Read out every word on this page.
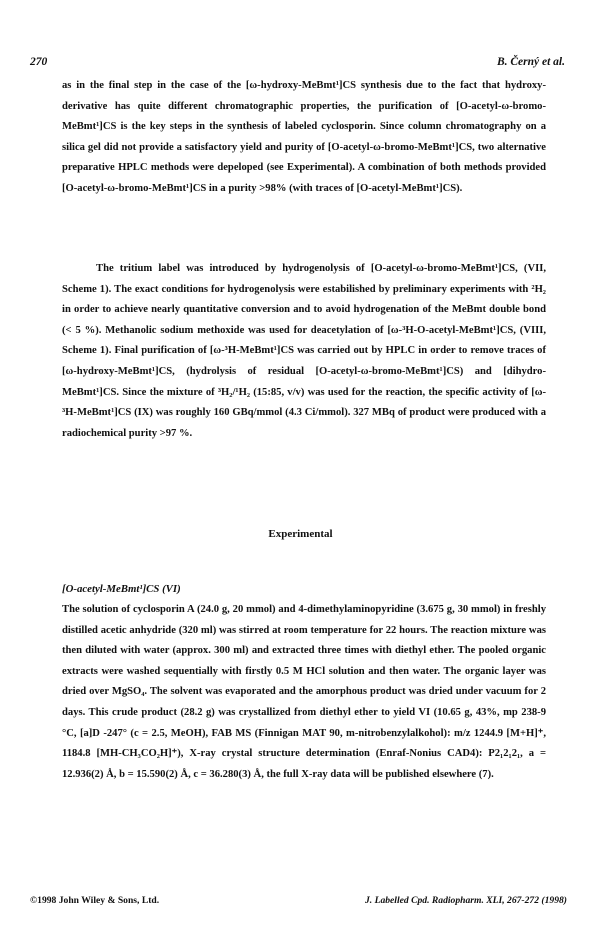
270	B. Černý et al.

as in the final step in the case of the [ω-hydroxy-MeBmt¹]CS synthesis due to the fact that hydroxy-derivative has quite different chromatographic properties, the purification of [O-acetyl-ω-bromo-MeBmt¹]CS is the key steps in the synthesis of labeled cyclosporin. Since column chromatography on a silica gel did not provide a satisfactory yield and purity of [O-acetyl-ω-bromo-MeBmt¹]CS, two alternative preparative HPLC methods were depeloped (see Experimental). A combination of both methods provided [O-acetyl-ω-bromo-MeBmt¹]CS in a purity >98% (with traces of [O-acetyl-MeBmt¹]CS).

The tritium label was introduced by hydrogenolysis of [O-acetyl-ω-bromo-MeBmt¹]CS, (VII, Scheme 1). The exact conditions for hydrogenolysis were estabilished by preliminary experiments with ²H₂ in order to achieve nearly quantitative conversion and to avoid hydrogenation of the MeBmt double bond (< 5 %). Methanolic sodium methoxide was used for deacetylation of [ω-³H-O-acetyl-MeBmt¹]CS, (VIII, Scheme 1). Final purification of [ω-³H-MeBmt¹]CS was carried out by HPLC in order to remove traces of [ω-hydroxy-MeBmt¹]CS, (hydrolysis of residual [O-acetyl-ω-bromo-MeBmt¹]CS) and [dihydro-MeBmt¹]CS. Since the mixture of ³H₂/¹H₂ (15:85, v/v) was used for the reaction, the specific activity of [ω-³H-MeBmt¹]CS (IX) was roughly 160 GBq/mmol (4.3 Ci/mmol). 327 MBq of product were produced with a radiochemical purity >97 %.

Experimental
[O-acetyl-MeBmt¹]CS (VI)

The solution of cyclosporin A (24.0 g, 20 mmol) and 4-dimethylaminopyridine (3.675 g, 30 mmol) in freshly distilled acetic anhydride (320 ml) was stirred at room temperature for 22 hours. The reaction mixture was then diluted with water (approx. 300 ml) and extracted three times with diethyl ether. The pooled organic extracts were washed sequentially with firstly 0.5 M HCl solution and then water. The organic layer was dried over MgSO₄. The solvent was evaporated and the amorphous product was dried under vacuum for 2 days. This crude product (28.2 g) was crystallized from diethyl ether to yield VI (10.65 g, 43%, mp 238-9 °C, [a]D -247° (c = 2.5, MeOH), FAB MS (Finnigan MAT 90, m-nitrobenzylalkohol): m/z 1244.9 [M+H]⁺, 1184.8 [MH-CH₃CO₂H]⁺), X-ray crystal structure determination (Enraf-Nonius CAD4): P2₁2₁2₁, a = 12.936(2) Å, b = 15.590(2) Å, c = 36.280(3) Å, the full X-ray data will be published elsewhere (7).

©1998 John Wiley & Sons, Ltd.	J. Labelled Cpd. Radiopharm. XLI, 267-272 (1998)
